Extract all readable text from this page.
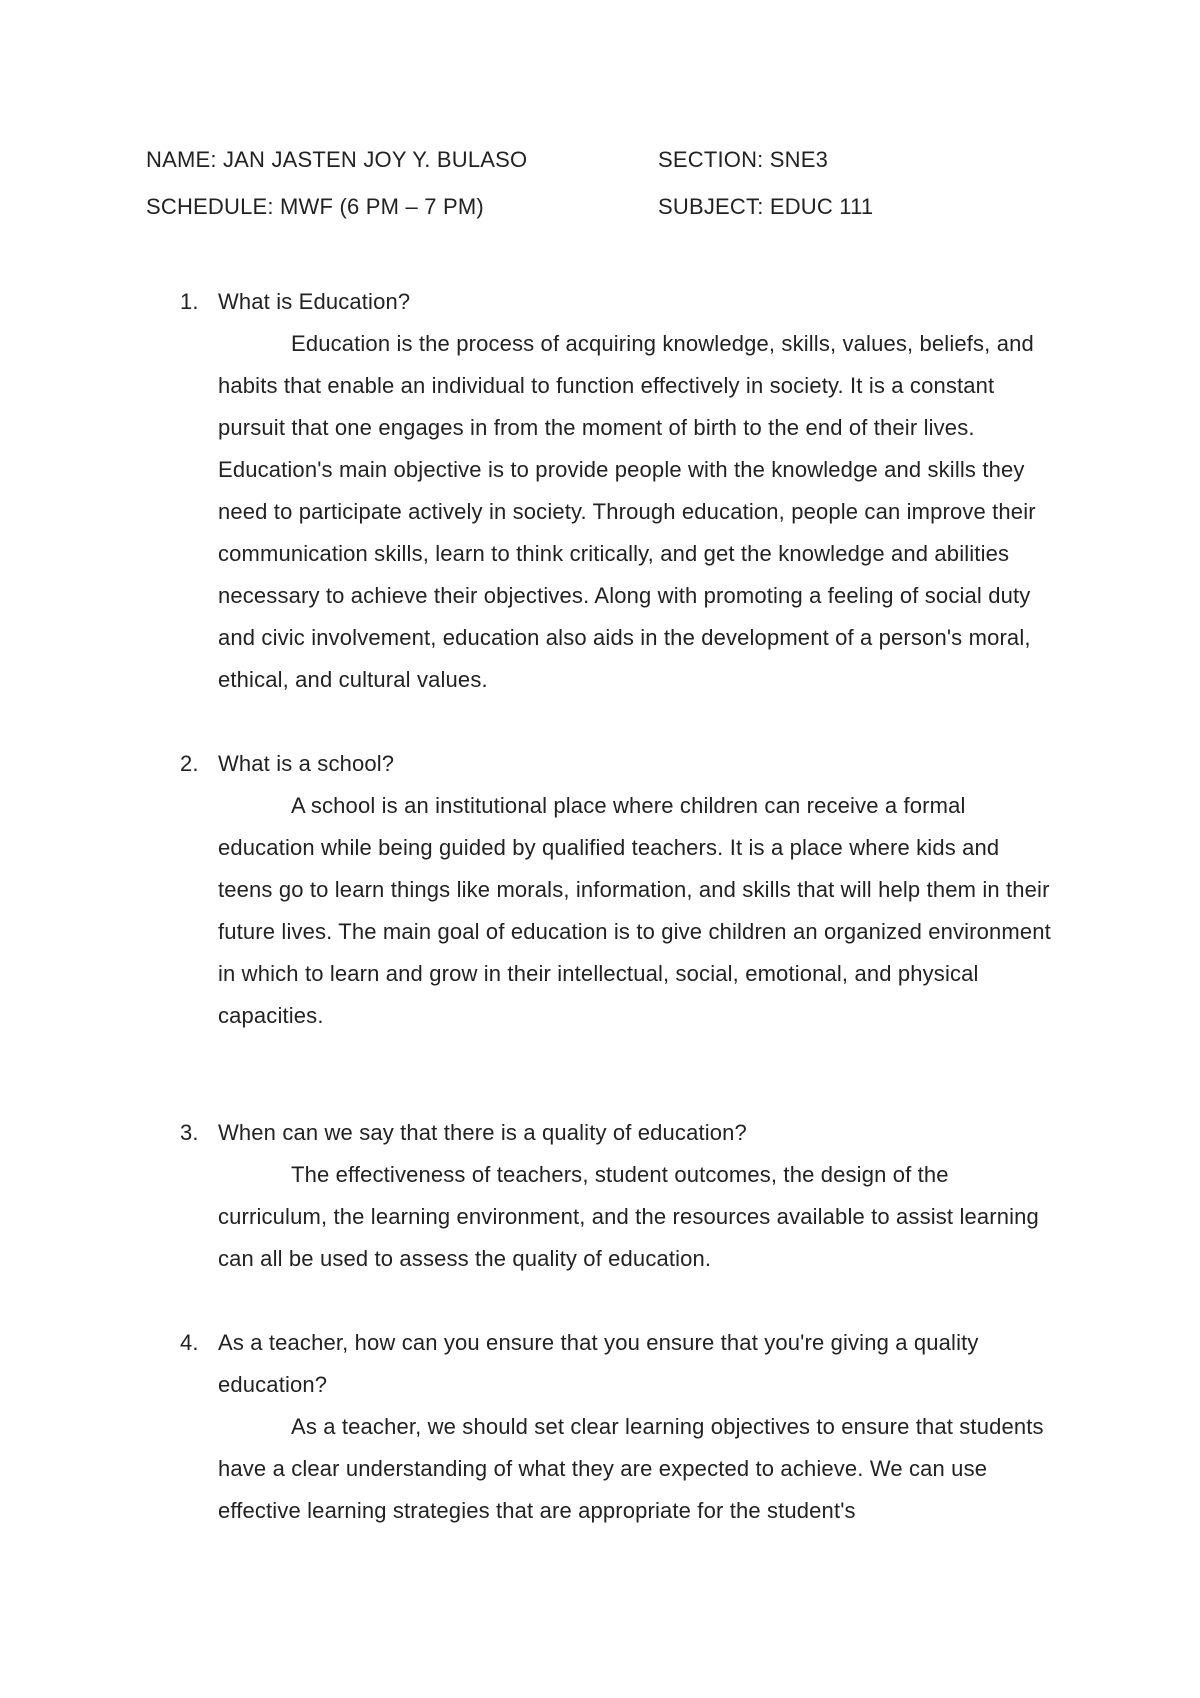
NAME: JAN JASTEN JOY Y. BULASO	SECTION: SNE3
SCHEDULE: MWF (6 PM – 7 PM)	SUBJECT: EDUC 111
1. What is Education?

Education is the process of acquiring knowledge, skills, values, beliefs, and habits that enable an individual to function effectively in society. It is a constant pursuit that one engages in from the moment of birth to the end of their lives. Education's main objective is to provide people with the knowledge and skills they need to participate actively in society. Through education, people can improve their communication skills, learn to think critically, and get the knowledge and abilities necessary to achieve their objectives. Along with promoting a feeling of social duty and civic involvement, education also aids in the development of a person's moral, ethical, and cultural values.

2. What is a school?

A school is an institutional place where children can receive a formal education while being guided by qualified teachers. It is a place where kids and teens go to learn things like morals, information, and skills that will help them in their future lives. The main goal of education is to give children an organized environment in which to learn and grow in their intellectual, social, emotional, and physical capacities.

3. When can we say that there is a quality of education?

The effectiveness of teachers, student outcomes, the design of the curriculum, the learning environment, and the resources available to assist learning can all be used to assess the quality of education.

4. As a teacher, how can you ensure that you ensure that you're giving a quality education?

As a teacher, we should set clear learning objectives to ensure that students have a clear understanding of what they are expected to achieve. We can use effective learning strategies that are appropriate for the student's
